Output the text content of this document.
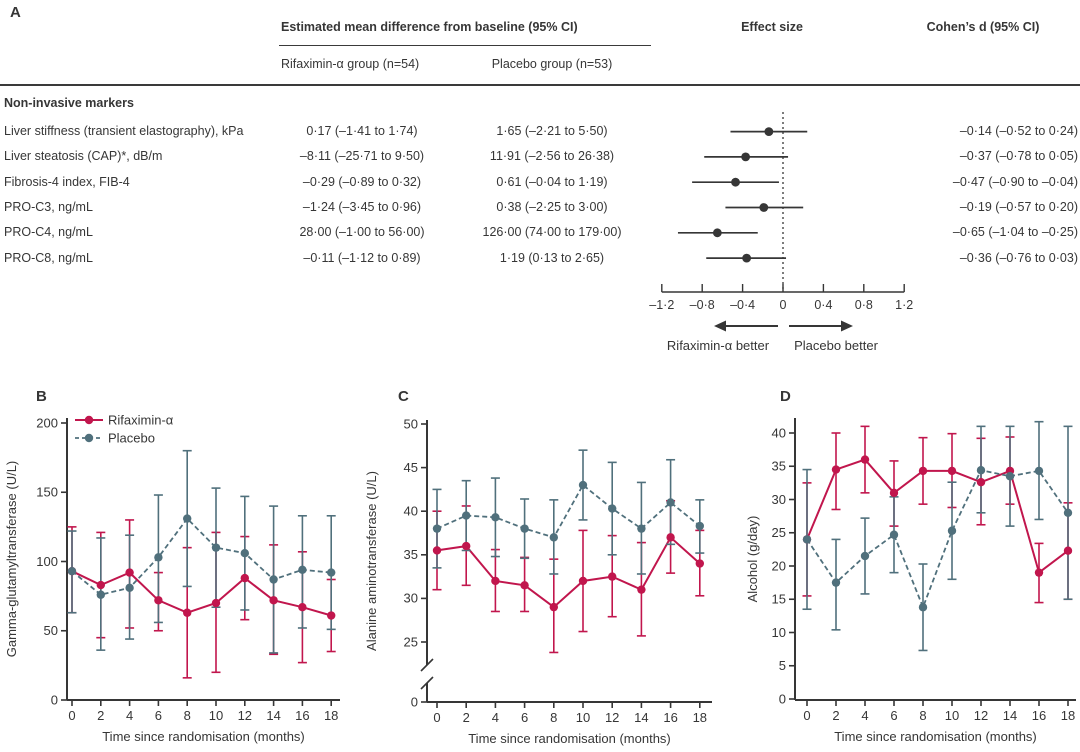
–1·2 –0·8 –0·4 0 0·4 0·8 1·2
Rifaximin-α better Placebo better
0
50
100
150
200
0 2 4 6 8 10 12 14 16 18
Time since randomisation (months)
Gamma-glutamyltransferase (U/L)
Rifaximin-α
Placebo
0
25
30
35
40
45
50
0 2 4 6 8 10 12 14 16 18
Time since randomisation (months)
Alanine aminotransferase (U/L)
0
5
10
15
20
25
30
35
40
0 2 4 6 8 10 12 14 16 18
Time since randomisation (months)
Alcohol (g/day)
A
Estimated mean difference from baseline (95% CI)
Rifaximin-α group (n=54)	Placebo group (n=53)
Effect size	Cohen’s d (95% CI)
Non-invasive markers
Liver stiffness (transient elastography), kPa	0·17 (–1·41 to 1·74)	1·65 (–2·21 to 5·50)	–0·14 (–0·52 to 0·24)
Liver steatosis (CAP)*, dB/m	–8·11 (–25·71 to 9·50)	11·91 (–2·56 to 26·38)	–0·37 (–0·78 to 0·05)
Fibrosis-4 index, FIB-4	–0·29 (–0·89 to 0·32)	0·61 (–0·04 to 1·19)	–0·47 (–0·90 to –0·04)
PRO-C3, ng/mL	–1·24 (–3·45 to 0·96)	0·38 (–2·25 to 3·00)	–0·19 (–0·57 to 0·20)
PRO-C4, ng/mL	28·00 (–1·00 to 56·00)	126·00 (74·00 to 179·00)	–0·65 (–1·04 to –0·25)
PRO-C8, ng/mL	–0·11 (–1·12 to 0·89)	1·19 (0·13 to 2·65)	–0·36 (–0·76 to 0·03)
B	C	D
